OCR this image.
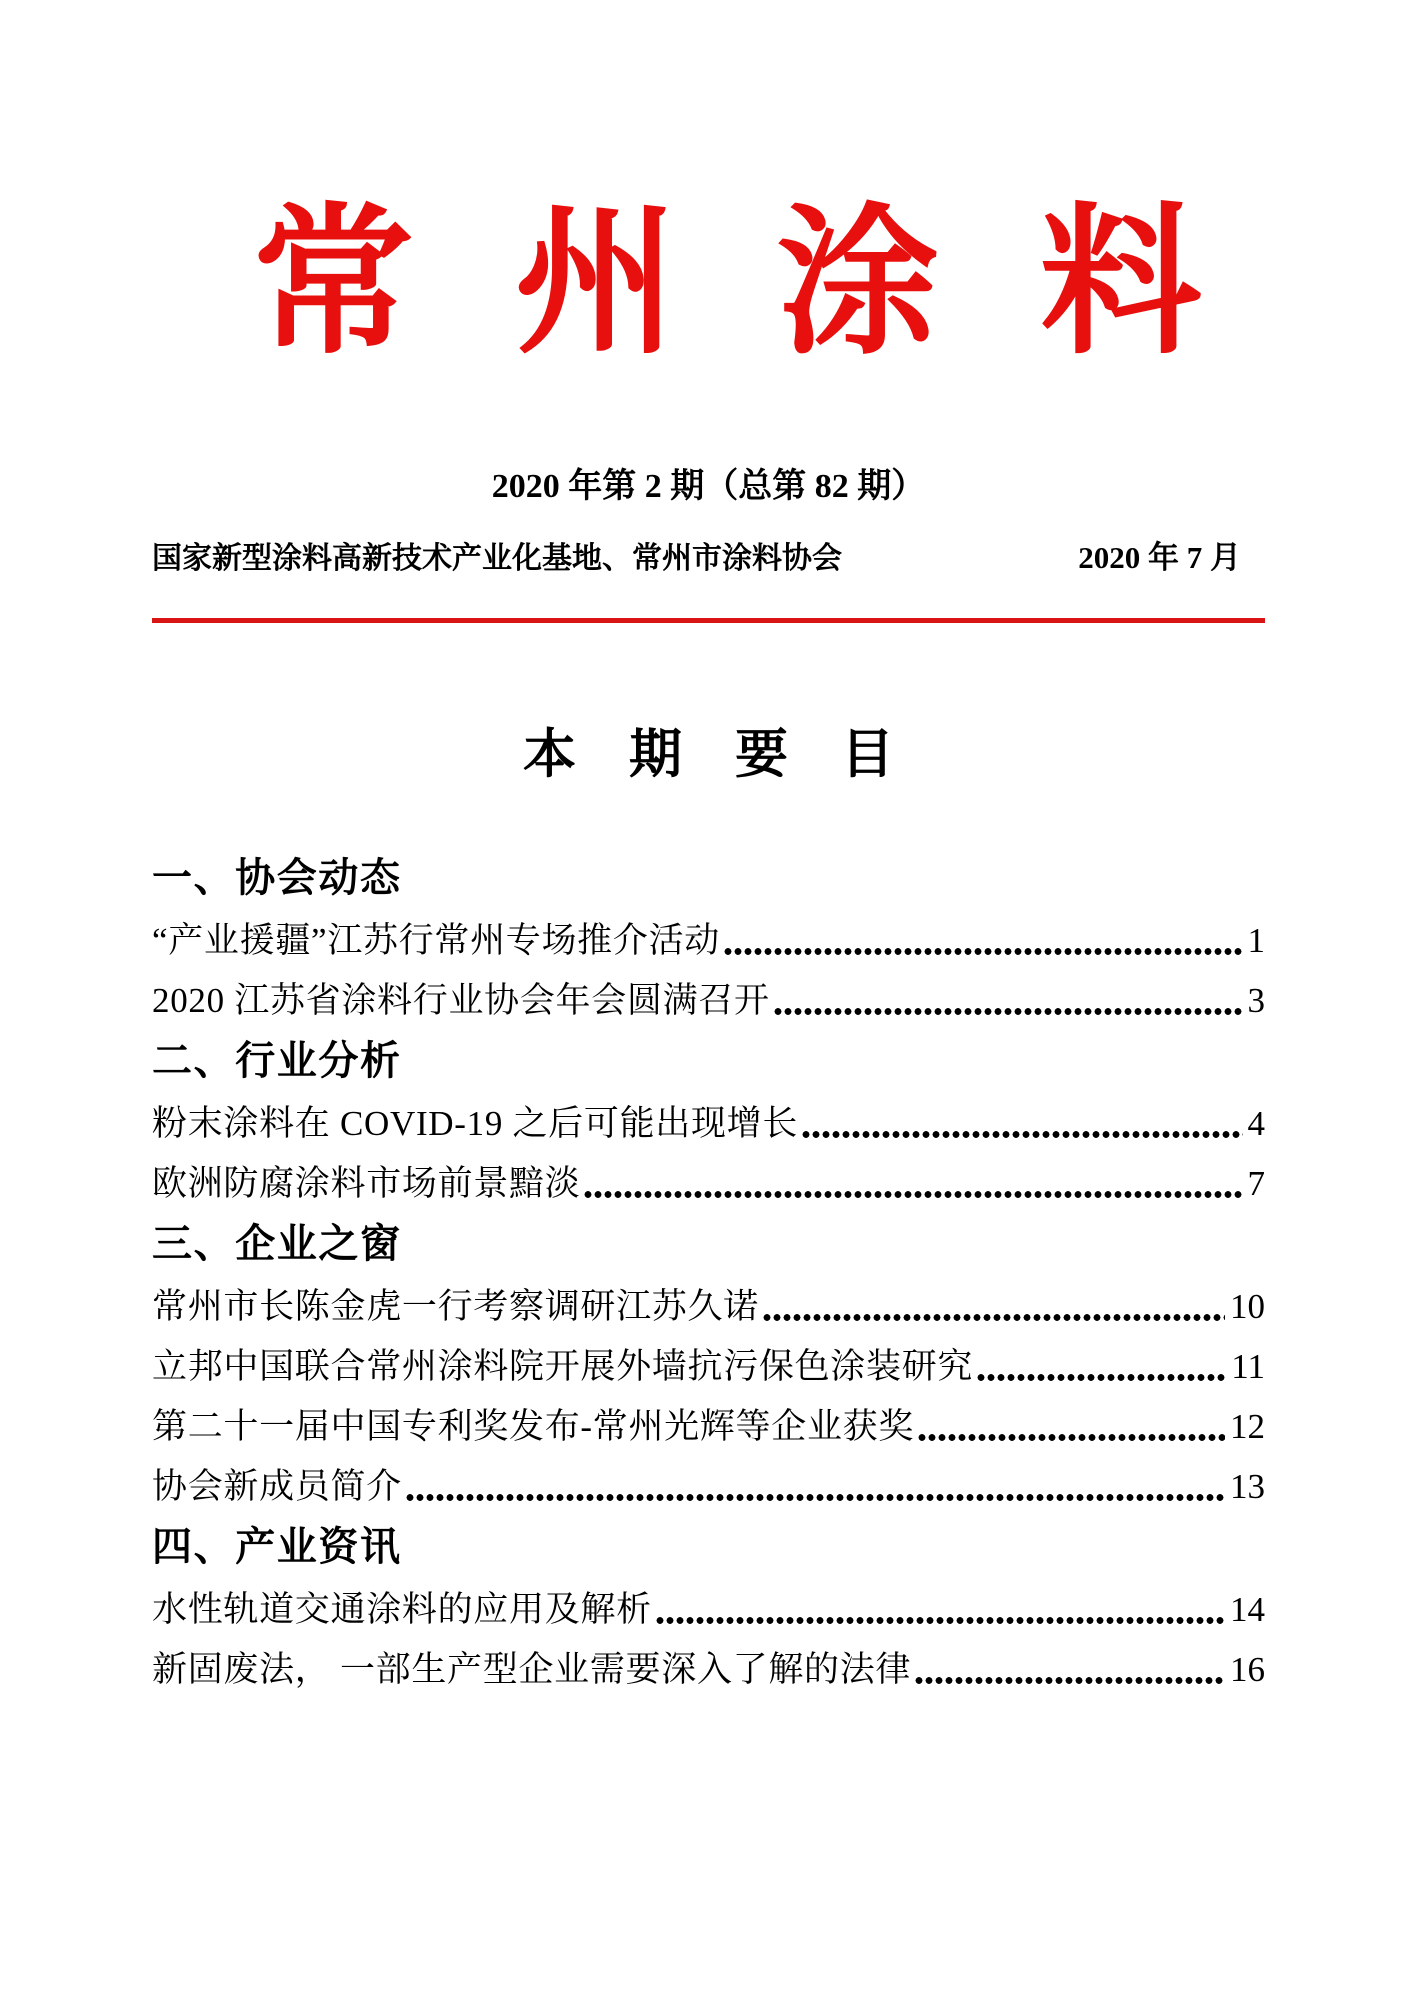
常州涂料
2020 年第 2 期（总第 82 期）
国家新型涂料高新技术产业化基地、常州市涂料协会	2020 年 7 月
本期要目
一、协会动态
“产业援疆”江苏行常州专场推介活动	1
2020 江苏省涂料行业协会年会圆满召开	3
二、行业分析
粉末涂料在 COVID-19 之后可能出现增长	4
欧洲防腐涂料市场前景黯淡	7
三、企业之窗
常州市长陈金虎一行考察调研江苏久诺	10
立邦中国联合常州涂料院开展外墙抗污保色涂装研究	11
第二十一届中国专利奖发布-常州光辉等企业获奖	12
协会新成员简介	13
四、产业资讯
水性轨道交通涂料的应用及解析	14
新固废法， 一部生产型企业需要深入了解的法律	16
